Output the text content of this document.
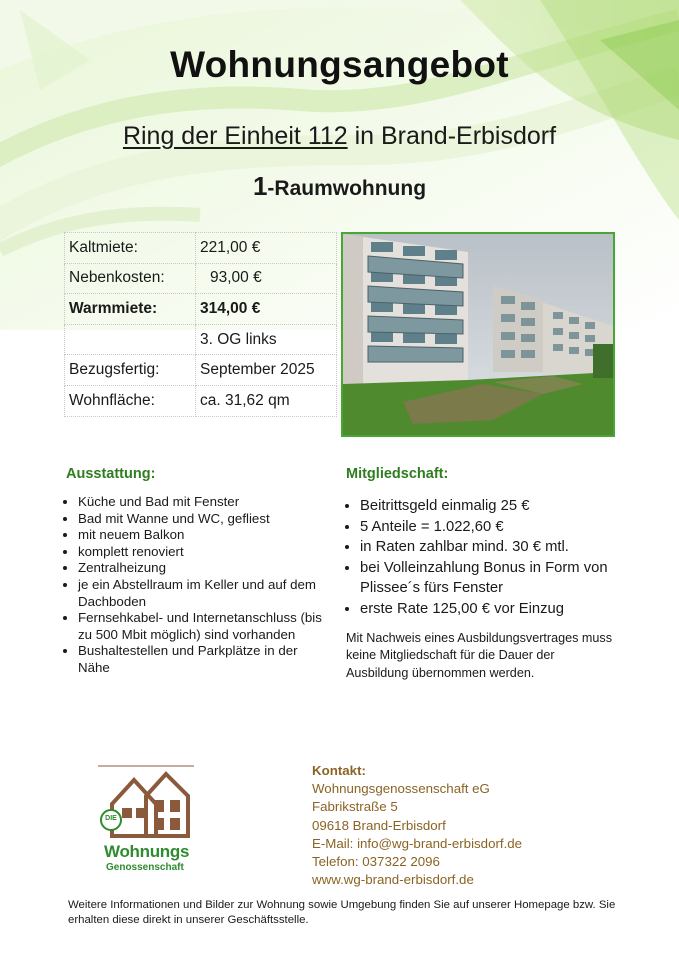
Wohnungsangebot
Ring der Einheit 112 in Brand-Erbisdorf
1-Raumwohnung
Kaltmiete:	221,00 €
Nebenkosten:	93,00 €
Warmmiete:	314,00 €
	3. OG links
Bezugsfertig:	September 2025
Wohnfläche:	ca. 31,62 qm
Ausstattung:
• Küche und Bad mit Fenster
• Bad mit Wanne und WC, gefliest
• mit neuem Balkon
• komplett renoviert
• Zentralheizung
• je ein Abstellraum im Keller und auf dem Dachboden
• Fernsehkabel- und Internetanschluss (bis zu 500 Mbit möglich) sind vorhanden
• Bushaltestellen und Parkplätze in der Nähe
Mitgliedschaft:
• Beitrittsgeld einmalig 25 €
• 5 Anteile = 1.022,60 €
• in Raten zahlbar mind. 30 € mtl.
• bei Volleinzahlung Bonus in Form von Plissee´s fürs Fenster
• erste Rate 125,00 € vor Einzug
Mit Nachweis eines Ausbildungsvertrages muss keine Mitgliedschaft für die Dauer der Ausbildung übernommen werden.
DIE
Wohnungs
Genossenschaft
Kontakt:
Wohnungsgenossenschaft eG
Fabrikstraße 5
09618 Brand-Erbisdorf
E-Mail: info@wg-brand-erbisdorf.de
Telefon: 037322 2096
www.wg-brand-erbisdorf.de
Weitere Informationen und Bilder zur Wohnung sowie Umgebung finden Sie auf unserer Homepage bzw. Sie erhalten diese direkt in unserer Geschäftsstelle.
